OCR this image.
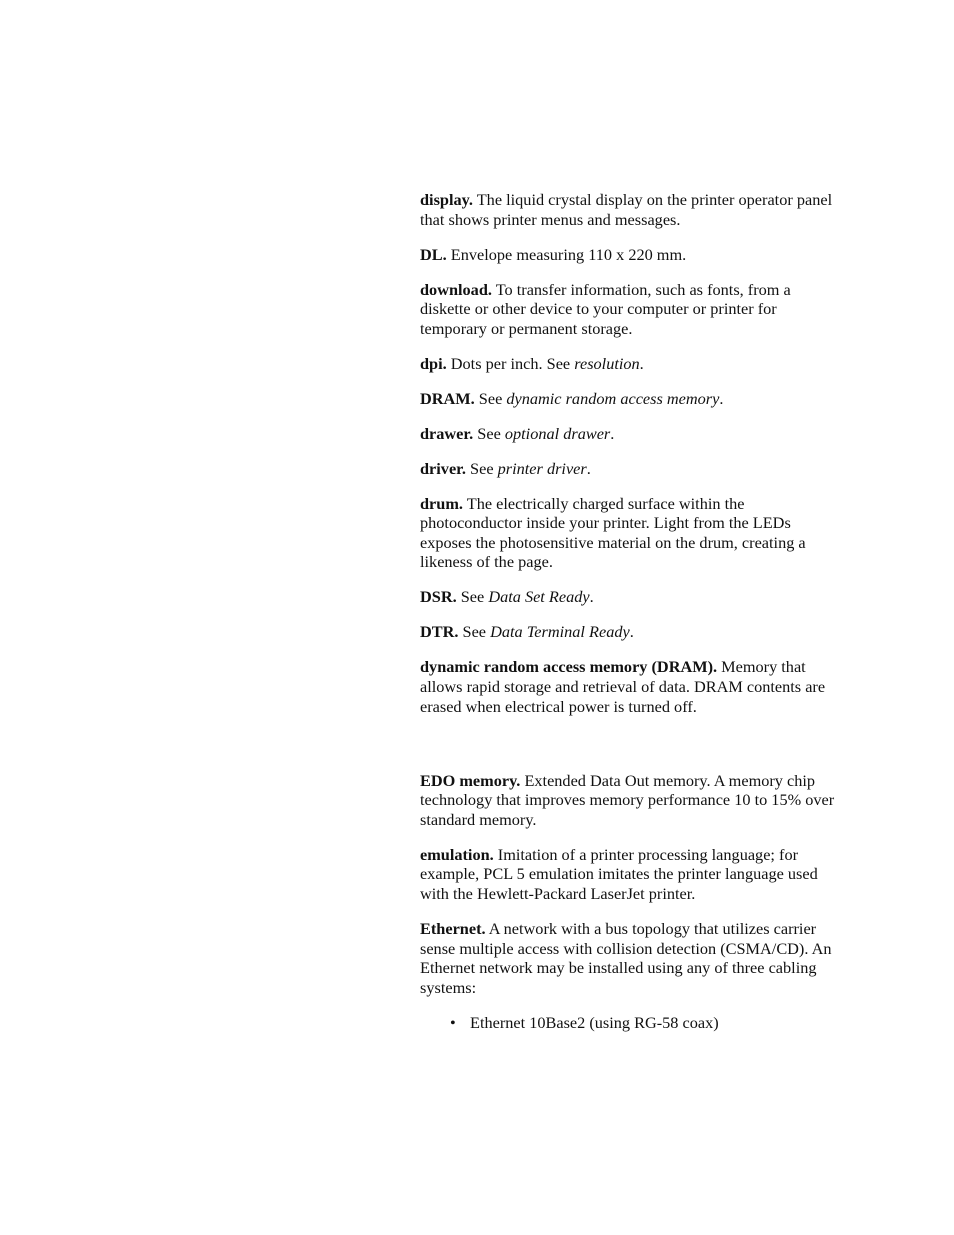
display. The liquid crystal display on the printer operator panel that shows printer menus and messages.

DL. Envelope measuring 110 x 220 mm.

download. To transfer information, such as fonts, from a diskette or other device to your computer or printer for temporary or permanent storage.

dpi. Dots per inch. See resolution.

DRAM. See dynamic random access memory.

drawer. See optional drawer.

driver. See printer driver.

drum. The electrically charged surface within the photoconductor inside your printer. Light from the LEDs exposes the photosensitive material on the drum, creating a likeness of the page.

DSR. See Data Set Ready.

DTR. See Data Terminal Ready.

dynamic random access memory (DRAM). Memory that allows rapid storage and retrieval of data. DRAM contents are erased when electrical power is turned off.

EDO memory. Extended Data Out memory. A memory chip technology that improves memory performance 10 to 15% over standard memory.

emulation. Imitation of a printer processing language; for example, PCL 5 emulation imitates the printer language used with the Hewlett-Packard LaserJet printer.

Ethernet. A network with a bus topology that utilizes carrier sense multiple access with collision detection (CSMA/CD). An Ethernet network may be installed using any of three cabling systems:

• Ethernet 10Base2 (using RG-58 coax)
